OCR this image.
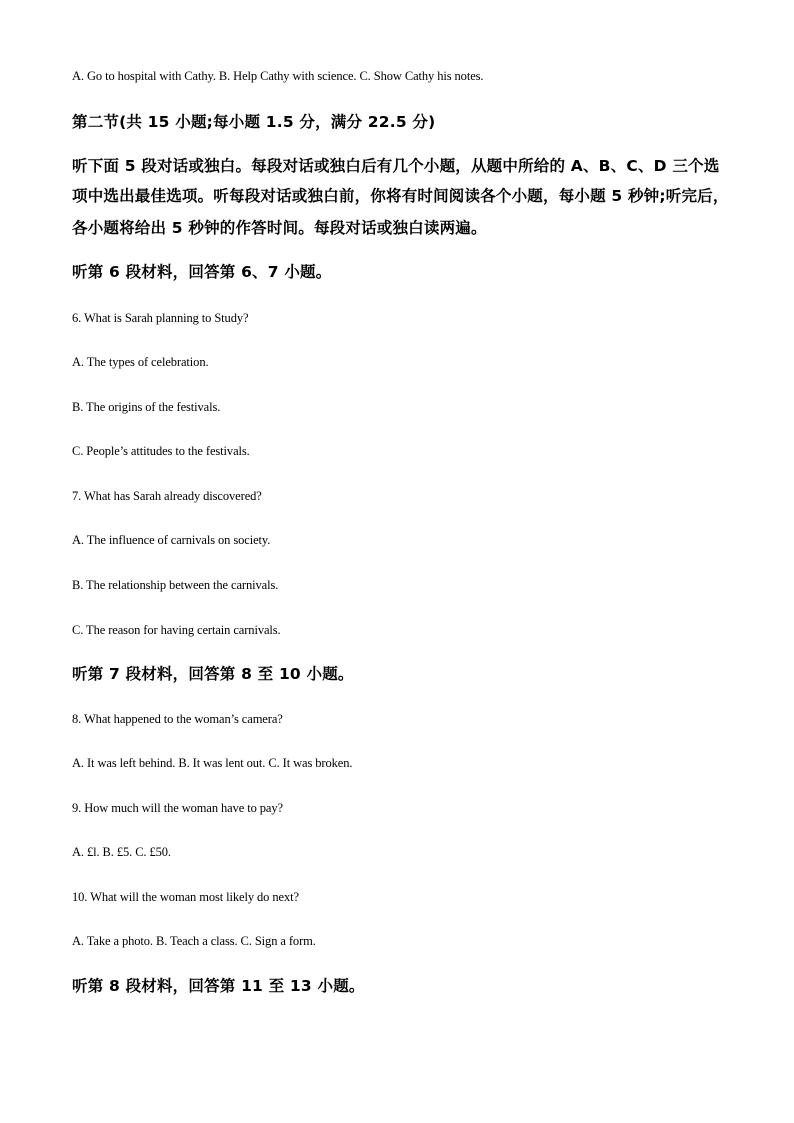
A. Go to hospital with Cathy. B. Help Cathy with science. C. Show Cathy his notes.
第二节(共 15 小题;每小题 1.5 分，满分 22.5 分)
听下面 5 段对话或独白。每段对话或独白后有几个小题，从题中所给的 A、B、C、D 三个选
项中选出最佳选项。听每段对话或独白前，你将有时间阅读各个小题，每小题 5 秒钟;听完后，
各小题将给出 5 秒钟的作答时间。每段对话或独白读两遍。
听第 6 段材料，回答第 6、7 小题。
6. What is Sarah planning to Study?
A. The types of celebration.
B. The origins of the festivals.
C. People’s attitudes to the festivals.
7. What has Sarah already discovered?
A. The influence of carnivals on society.
B. The relationship between the carnivals.
C. The reason for having certain carnivals.
听第 7 段材料，回答第 8 至 10 小题。
8. What happened to the woman’s camera?
A. It was left behind. B. It was lent out. C. It was broken.
9. How much will the woman have to pay?
A. £l. B. £5. C. £50.
10. What will the woman most likely do next?
A. Take a photo. B. Teach a class. C. Sign a form.
听第 8 段材料，回答第 11 至 13 小题。
